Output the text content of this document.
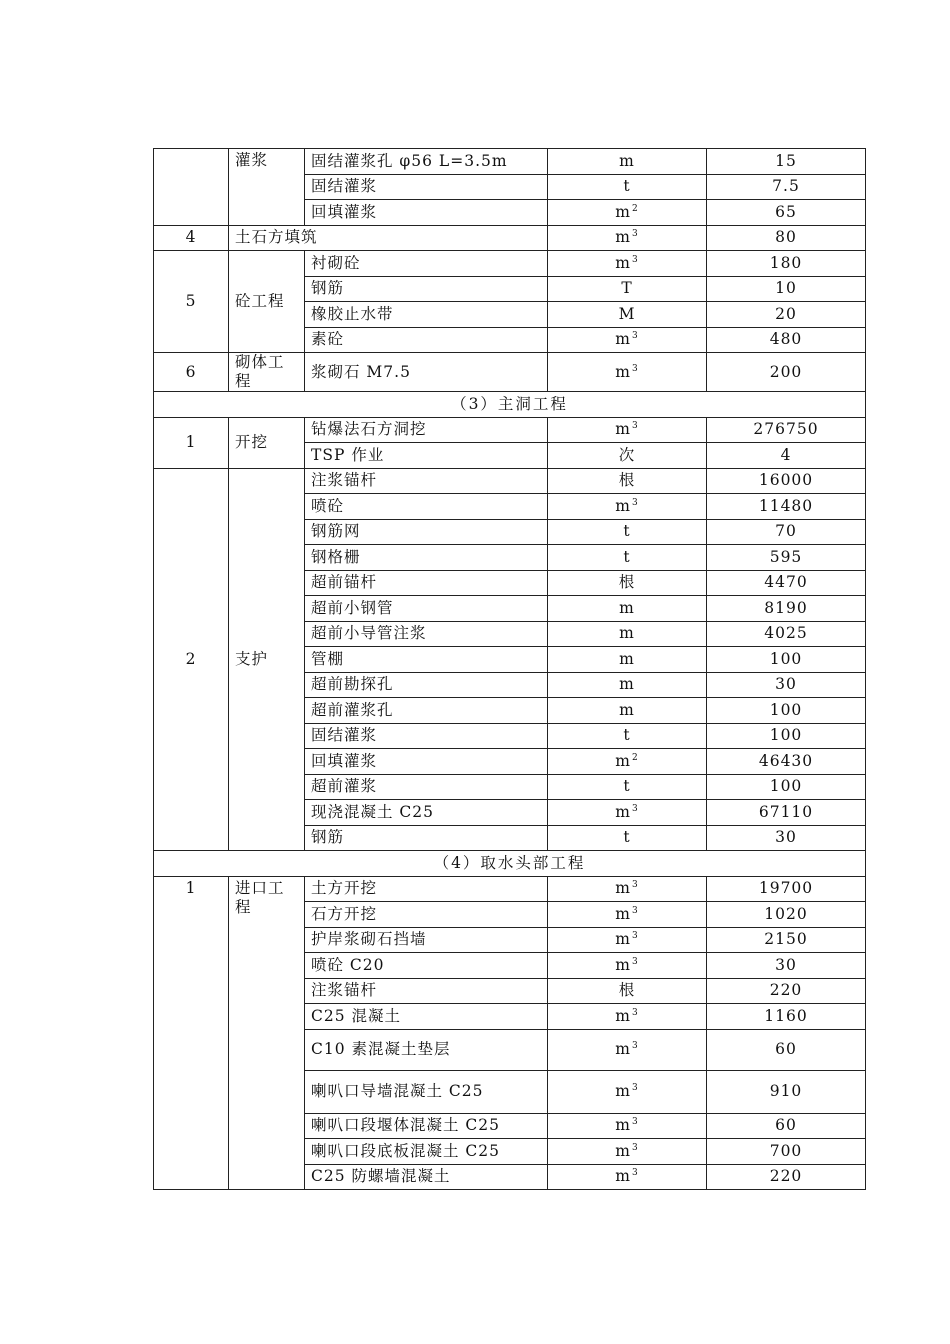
	灌浆	固结灌浆孔 φ56 L=3.5m	m	15
		固结灌浆	t	7.5
		回填灌浆	$m^2$	65
4	土石方填筑		$m^3$	80
5	砼工程	衬砌砼	$m^3$	180
		钢筋	T	10
		橡胶止水带	M	20
		素砼	$m^3$	480
6	砌体工程	浆砌石 M7.5	$m^3$	200
（3）主洞工程				
1	开挖	钻爆法石方洞挖	$m^3$	276750
		TSP 作业	次	4
2	支护	注浆锚杆	根	16000
		喷砼	$m^3$	11480
		钢筋网	t	70
		钢格栅	t	595
		超前锚杆	根	4470
		超前小钢管	m	8190
		超前小导管注浆	m	4025
		管棚	m	100
		超前勘探孔	m	30
		超前灌浆孔	m	100
		固结灌浆	t	100
		回填灌浆	$m^2$	46430
		超前灌浆	t	100
		现浇混凝土 C25	$m^3$	67110
		钢筋	t	30
（4）取水头部工程				
1	进口工程	土方开挖	$m^3$	19700
		石方开挖	$m^3$	1020
		护岸浆砌石挡墙	$m^3$	2150
		喷砼 C20	$m^3$	30
		注浆锚杆	根	220
		C25 混凝土	$m^3$	1160
		C10 素混凝土垫层	$m^3$	60
		喇叭口导墙混凝土 C25	$m^3$	910
		喇叭口段堰体混凝土 C25	$m^3$	60
		喇叭口段底板混凝土 C25	$m^3$	700
		C25 防螺墙混凝土	$m^3$	220
